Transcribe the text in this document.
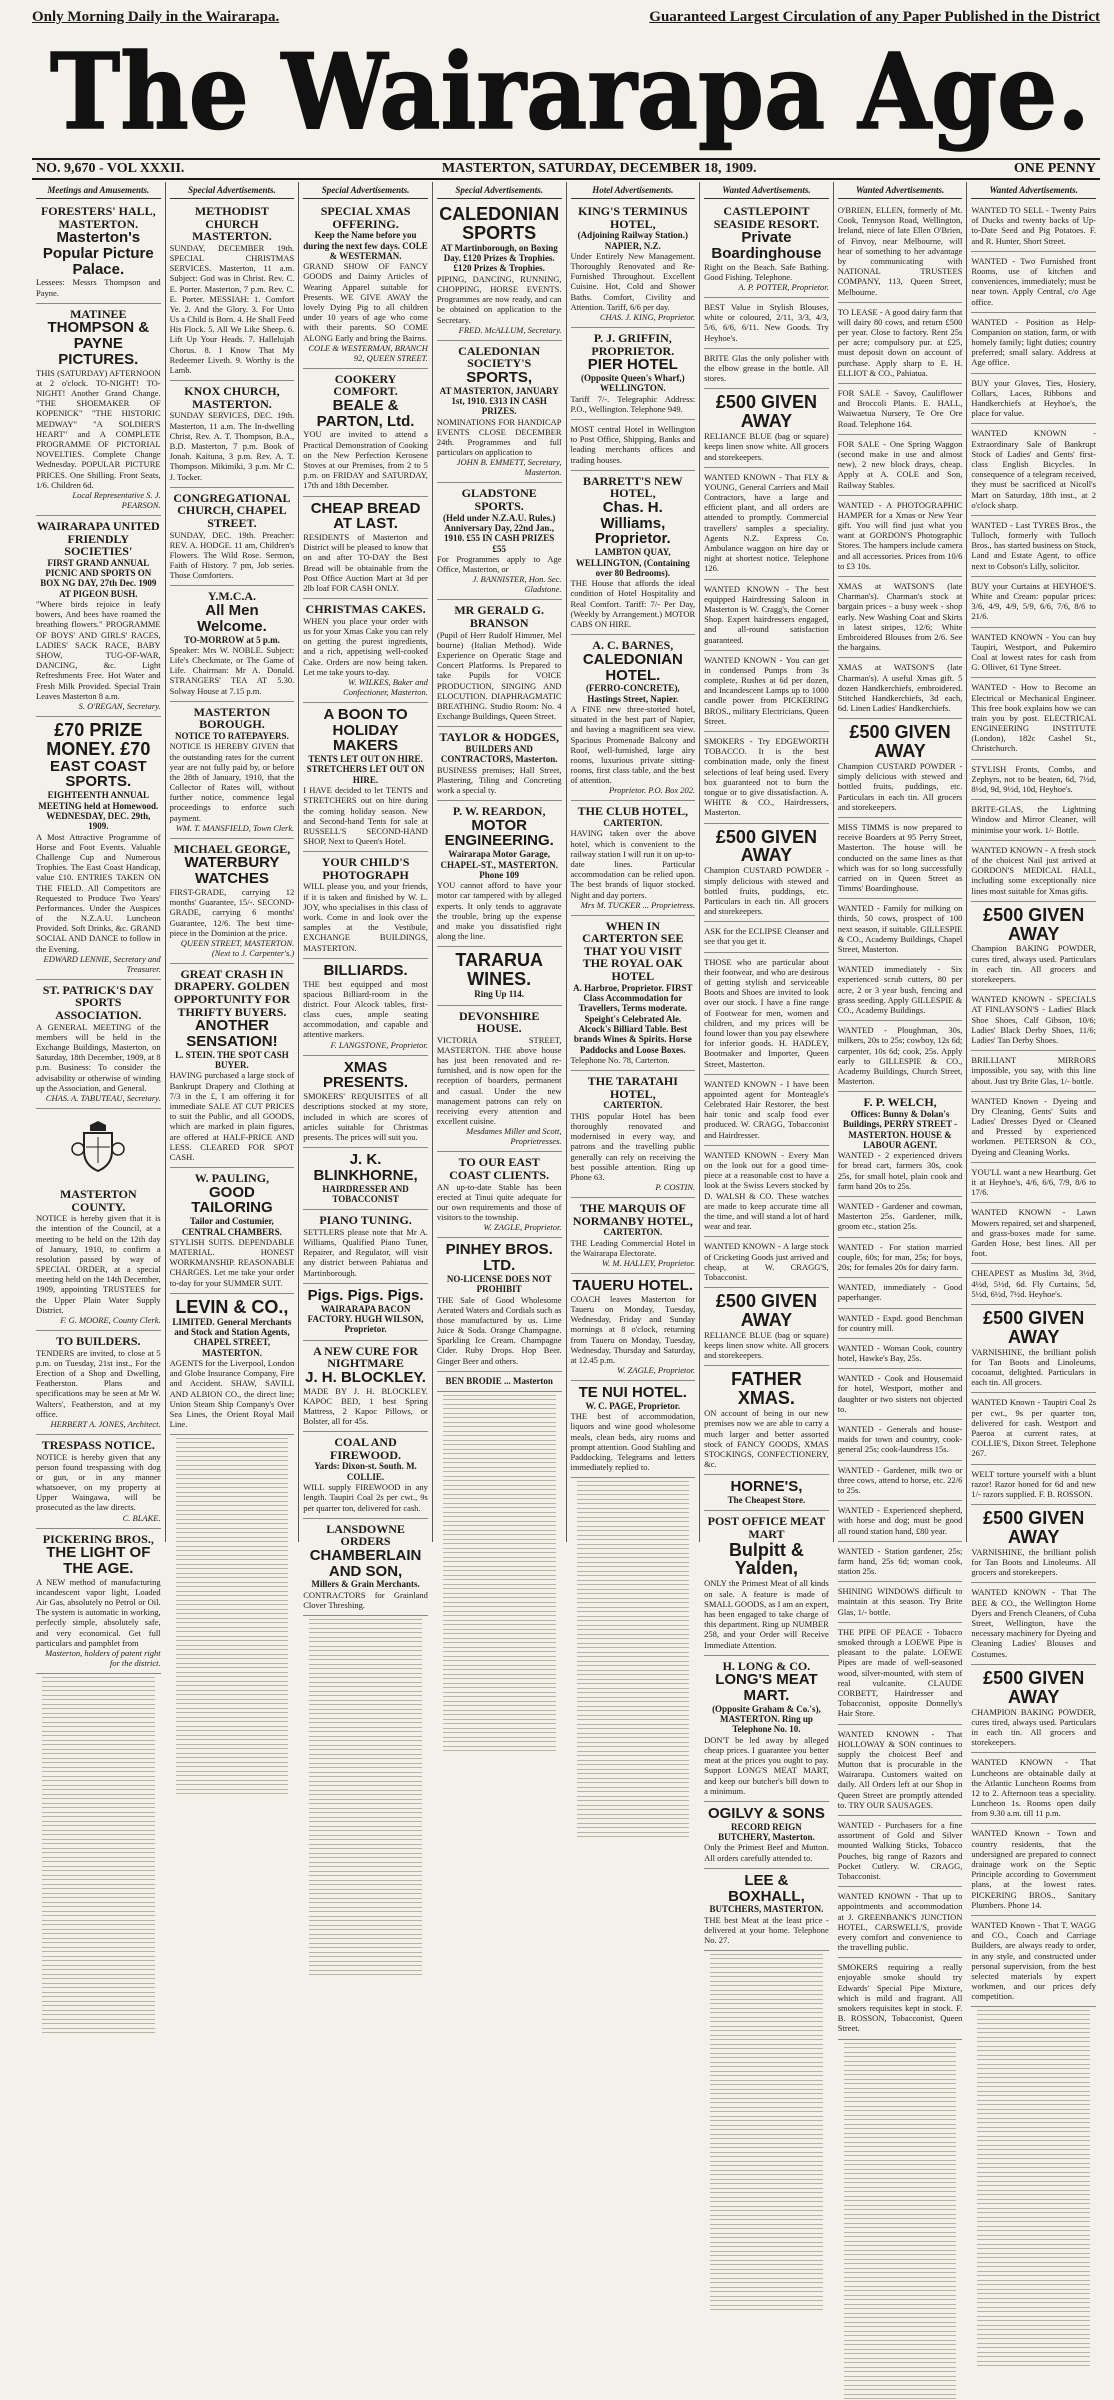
Only Morning Daily in the Wairarapa.	Guaranteed Largest Circulation of any Paper Published in the District
The Wairarapa Age.
NO. 9,670 - VOL XXXII.	MASTERTON, SATURDAY, DECEMBER 18, 1909.	ONE PENNY
Meetings and Amusements.
FORESTERS' HALL, MASTERTON.
Masterton's Popular Picture Palace.
Lessees: Messrs Thompson and Payne.
MATINEE
THOMPSON & PAYNE PICTURES.
THIS (SATURDAY) AFTERNOON at 2 o'clock. TO-NIGHT! TO-NIGHT! Another Grand Change. "THE SHOEMAKER OF KOPENICK" "THE HISTORIC MEDWAY" "A SOLDIER'S HEART" and A COMPLETE PROGRAMME OF PICTORIAL NOVELTIES. Complete Change Wednesday. POPULAR PICTURE PRICES. One Shilling. Front Seats, 1/6. Children 6d.
Local Representative S. J. PEARSON.
WAIRARAPA UNITED FRIENDLY SOCIETIES'
FIRST GRAND ANNUAL PICNIC AND SPORTS ON BOX NG DAY, 27th Dec. 1909 AT PIGEON BUSH.
"Where birds rejoice in leafy bowers, And bees have roamed the breathing flowers." PROGRAMME OF BOYS' AND GIRLS' RACES, LADIES' SACK RACE, BABY SHOW, TUG-OF-WAR, DANCING, &c. Light Refreshments Free. Hot Water and Fresh Milk Provided. Special Train Leaves Masterton 8 a.m.
S. O'REGAN, Secretary.
£70 PRIZE MONEY. £70
EAST COAST SPORTS.
EIGHTEENTH ANNUAL MEETING held at Homewood. WEDNESDAY, DEC. 29th, 1909.
A Most Attractive Programme of Horse and Foot Events. Valuable Challenge Cup and Numerous Trophies. The East Coast Handicap, value £10. ENTRIES TAKEN ON THE FIELD. All Competitors are Requested to Produce Two Years' Performances. Under the Auspices of the N.Z.A.U. Luncheon Provided. Soft Drinks, &c. GRAND SOCIAL AND DANCE to follow in the Evening.
EDWARD LENNIE, Secretary and Treasurer.
ST. PATRICK'S DAY SPORTS ASSOCIATION.
A GENERAL MEETING of the members will be held in the Exchange Buildings, Masterton, on Saturday, 18th December, 1909, at 8 p.m. Business: To consider the advisability or otherwise of winding up the Association, and General.
CHAS. A. TABUTEAU, Secretary.
MASTERTON COUNTY.
NOTICE is hereby given that it is the intention of the Council, at a meeting to be held on the 12th day of January, 1910, to confirm a resolution passed by way of SPECIAL ORDER, at a special meeting held on the 14th December, 1909, appointing TRUSTEES for the Upper Plain Water Supply District.
F. G. MOORE, County Clerk.
TO BUILDERS.
TENDERS are invited, to close at 5 p.m. on Tuesday, 21st inst., For the Erection of a Shop and Dwelling, Featherston. Plans and specifications may be seen at Mr W. Walters', Featherston, and at my office.
HERBERT A. JONES, Architect.
TRESPASS NOTICE.
NOTICE is hereby given that any person found trespassing with dog or gun, or in any manner whatsoever, on my property at Upper Waingawa, will be prosecuted as the law directs.
C. BLAKE.
PICKERING BROS.,
THE LIGHT OF THE AGE.
A NEW method of manufacturing incandescent vapor light, Loaded Air Gas, absolutely no Petrol or Oil. The system is automatic in working, perfectly simple, absolutely safe, and very economical. Get full particulars and pamphlet from
Masterton, holders of patent right for the district.
Special Advertisements.
METHODIST CHURCH MASTERTON.
SUNDAY, DECEMBER 19th. SPECIAL CHRISTMAS SERVICES. Masterton, 11 a.m. Subject: God was in Christ. Rev. C. E. Porter. Masterton, 7 p.m. Rev. C. E. Porter. MESSIAH: 1. Comfort Ye. 2. And the Glory. 3. For Unto Us a Child is Born. 4. He Shall Feed His Flock. 5. All We Like Sheep. 6. Lift Up Your Heads. 7. Hallelujah Chorus. 8. I Know That My Redeemer Liveth. 9. Worthy is the Lamb.
KNOX CHURCH, MASTERTON.
SUNDAY SERVICES, DEC. 19th. Masterton, 11 a.m. The In-dwelling Christ, Rev. A. T. Thompson, B.A., B.D. Masterton, 7 p.m. Book of Jonah. Kaituna, 3 p.m. Rev. A. T. Thompson. Mikimiki, 3 p.m. Mr C. J. Tocker.
CONGREGATIONAL CHURCH, CHAPEL STREET.
SUNDAY, DEC. 19th. Preacher: REV. A. HODGE. 11 am, Children's Flowers. The Wild Rose. Sermon, Faith of History. 7 pm, Job series. Those Comforters.
Y.M.C.A.
All Men Welcome.
TO-MORROW at 5 p.m.
Speaker: Mrs W. NOBLE. Subject: Life's Checkmate, or The Game of Life. Chairman: Mr A. Donald. STRANGERS' TEA AT 5.30. Solway House at 7.15 p.m.
MASTERTON BOROUGH.
NOTICE TO RATEPAYERS.
NOTICE IS HEREBY GIVEN that the outstanding rates for the current year are not fully paid by, or before the 28th of January, 1910, that the Collector of Rates will, without further notice, commence legal proceedings to enforce such payment.
WM. T. MANSFIELD, Town Clerk.
MICHAEL GEORGE,
WATERBURY WATCHES
FIRST-GRADE, carrying 12 months' Guarantee, 15/-. SECOND-GRADE, carrying 6 months' Guarantee, 12/6. The best time-piece in the Dominion at the price.
QUEEN STREET, MASTERTON. (Next to J. Carpenter's.)
GREAT CRASH IN DRAPERY. GOLDEN OPPORTUNITY FOR THRIFTY BUYERS.
ANOTHER SENSATION!
L. STEIN. THE SPOT CASH BUYER.
HAVING purchased a large stock of Bankrupt Drapery and Clothing at 7/3 in the £, I am offering it for immediate SALE AT CUT PRICES to suit the Public, and all GOODS, which are marked in plain figures, are offered at HALF-PRICE AND LESS. CLEARED FOR SPOT CASH.
W. PAULING,
GOOD TAILORING
Tailor and Costumier, CENTRAL CHAMBERS.
STYLISH SUITS. DEPENDABLE MATERIAL. HONEST WORKMANSHIP. REASONABLE CHARGES. Let me take your order to-day for your SUMMER SUIT.
LEVIN & CO.,
LIMITED. General Merchants and Stock and Station Agents, CHAPEL STREET, MASTERTON.
AGENTS for the Liverpool, London and Globe Insurance Company, Fire and Accident. SHAW, SAVILL AND ALBION CO., the direct line; Union Steam Ship Company's Over Sea Lines, the Orient Royal Mail Line.
Special Advertisements.
SPECIAL XMAS OFFERING.
Keep the Name before you during the next few days. COLE & WESTERMAN.
GRAND SHOW OF FANCY GOODS and Dainty Articles of Wearing Apparel suitable for Presents. WE GIVE AWAY the lovely Dying Pig to all children under 10 years of age who come with their parents. SO COME ALONG Early and bring the Bairns.
COLE & WESTERMAN, BRANCH 92, QUEEN STREET.
COOKERY COMFORT.
BEALE & PARTON, Ltd.
YOU are invited to attend a Practical Demonstration of Cooking on the New Perfection Kerosene Stoves at our Premises, from 2 to 5 p.m. on FRIDAY and SATURDAY, 17th and 18th December.
CHEAP BREAD AT LAST.
RESIDENTS of Masterton and District will be pleased to know that on and after TO-DAY the Best Bread will be obtainable from the Post Office Auction Mart at 3d per 2lb loaf FOR CASH ONLY.
CHRISTMAS CAKES.
WHEN you place your order with us for your Xmas Cake you can rely on getting the purest ingredients, and a rich, appetising well-cooked Cake. Orders are now being taken. Let me take yours to-day.
W. WILKES, Baker and Confectioner, Masterton.
A BOON TO HOLIDAY MAKERS
TENTS LET OUT ON HIRE. STRETCHERS LET OUT ON HIRE.
I HAVE decided to let TENTS and STRETCHERS out on hire during the coming holiday season. New and Second-hand Tents for sale at RUSSELL'S SECOND-HAND SHOP, Next to Queen's Hotel.
YOUR CHILD'S PHOTOGRAPH
WILL please you, and your friends, if it is taken and finished by W. L. JOY, who specialises in this class of work. Come in and look over the samples at the Vestibule, EXCHANGE BUILDINGS, MASTERTON.
BILLIARDS.
THE best equipped and most spacious Billiard-room in the district. Four Alcock tables, first-class cues, ample seating accommodation, and capable and attentive markers.
F. LANGSTONE, Proprietor.
XMAS PRESENTS.
SMOKERS' REQUISITES of all descriptions stocked at my store, included in which are scores of articles suitable for Christmas presents. The prices will suit you.
J. K. BLINKHORNE,
HAIRDRESSER AND TOBACCONIST
PIANO TUNING.
SETTLERS please note that Mr A. Williams, Qualified Piano Tuner, Repairer, and Regulator, will visit any district between Pahiatua and Martinborough.
Pigs. Pigs. Pigs.
WAIRARAPA BACON FACTORY. HUGH WILSON, Proprietor.
A NEW CURE FOR NIGHTMARE
J. H. BLOCKLEY.
MADE BY J. H. BLOCKLEY. KAPOC BED, 1 best Spring Mattress, 2 Kapoc Pillows, or Bolster, all for 45s.
COAL AND FIREWOOD.
Yards: Dixon-st. South. M. COLLIE.
WILL supply FIREWOOD in any length. Taupiri Coal 2s per cwt., 9s per quarter ton, delivered for cash.
LANSDOWNE ORDERS
CHAMBERLAIN AND SON,
Millers & Grain Merchants.
CONTRACTORS for Grainland Clover Threshing.
Special Advertisements.
CALEDONIAN SPORTS
AT Martinborough, on Boxing Day. £120 Prizes & Trophies. £120 Prizes & Trophies.
PIPING, DANCING, RUNNING, CHOPPING, HORSE EVENTS. Programmes are now ready, and can be obtained on application to the Secretary.
FRED. McALLUM, Secretary.
CALEDONIAN SOCIETY'S
SPORTS,
AT MASTERTON, JANUARY 1st, 1910. £313 IN CASH PRIZES.
NOMINATIONS FOR HANDICAP EVENTS CLOSE DECEMBER 24th. Programmes and full particulars on application to
JOHN B. EMMETT, Secretary, Masterton.
GLADSTONE SPORTS.
(Held under N.Z.A.U. Rules.) Anniversary Day, 22nd Jan., 1910. £55 IN CASH PRIZES £55
For Programmes apply to Age Office, Masterton, or
J. BANNISTER, Hon. Sec. Gladstone.
MR GERALD G. BRANSON
(Pupil of Herr Rudolf Himmer, Mel bourne) (Italian Method). Wide Experience on Operatic Stage and Concert Platforms. Is Prepared to take Pupils for VOICE PRODUCTION, SINGING AND ELOCUTION. DIAPHRAGMATIC BREATHING. Studio Room: No. 4 Exchange Buildings, Queen Street.
TAYLOR & HODGES,
BUILDERS AND CONTRACTORS, Masterton.
BUSINESS premises; Hall Street, Plastering, Tiling and Concreting work a special ty.
P. W. REARDON,
MOTOR ENGINEERING.
Wairarapa Motor Garage, CHAPEL-ST., MASTERTON. Phone 109
YOU cannot afford to have your motor car tampered with by alleged experts. It only tends to aggravate the trouble, bring up the expense and make you dissatisfied right along the line.
TARARUA WINES.
Ring Up 114.
DEVONSHIRE HOUSE.
VICTORIA STREET, MASTERTON. THE above house has just been renovated and re-furnished, and is now open for the reception of boarders, permanent and casual. Under the new management patrons can rely on receiving every attention and excellent cuisine.
Mesdames Miller and Scott, Proprietresses.
TO OUR EAST COAST CLIENTS.
AN up-to-date Stable has been erected at Tinui quite adequate for our own requirements and those of visitors to the township.
W. ZAGLE, Proprietor.
PINHEY BROS. LTD.
NO-LICENSE DOES NOT PROHIBIT
THE Sale of Good Wholesome Aerated Waters and Cordials such as those manufactured by us. Lime Juice & Soda. Orange Champagne. Sparkling Ice Cream. Champagne Cider. Ruby Drops. Hop Beer. Ginger Beer and others.
BEN BRODIE ... Masterton
Hotel Advertisements.
KING'S TERMINUS HOTEL,
(Adjoining Railway Station.) NAPIER, N.Z.
Under Entirely New Management. Thoroughly Renovated and Re-Furnished Throughout. Excellent Cuisine. Hot, Cold and Shower Baths. Comfort, Civility and Attention. Tariff, 6/6 per day.
CHAS. J. KING, Proprietor.
P. J. GRIFFIN, PROPRIETOR.
PIER HOTEL
(Opposite Queen's Wharf,) WELLINGTON.
Tariff 7/-. Telegraphic Address: P.O., Wellington. Telephone 949.
MOST central Hotel in Wellington to Post Office, Shipping, Banks and leading merchants offices and trading houses.
BARRETT'S NEW HOTEL,
Chas. H. Williams, Proprietor.
LAMBTON QUAY, WELLINGTON, (Containing over 80 Bedrooms).
THE House that affords the ideal condition of Hotel Hospitality and Real Comfort. Tariff: 7/- Per Day, (Weekly by Arrangement.) MOTOR CABS ON HIRE.
A. C. BARNES,
CALEDONIAN HOTEL.
(FERRO-CONCRETE), Hastings Street, Napier.
A FINE new three-storied hotel, situated in the best part of Napier, and having a magnificent sea view. Spacious Promenade Balcony and Roof, well-furnished, large airy rooms, luxurious private sitting-rooms, first class table, and the best of attention.
Proprietor. P.O. Box 202.
THE CLUB HOTEL,
CARTERTON.
HAVING taken over the above hotel, which is convenient to the railway station I will run it on up-to-date lines. Particular accommodation can be relied upon. The best brands of liquor stocked. Night and day porters.
Mrs M. TUCKER ... Proprietress.
WHEN IN CARTERTON SEE THAT YOU VISIT THE ROYAL OAK HOTEL
A. Harbroe, Proprietor. FIRST Class Accommodation for Travellers, Terms moderate. Speight's Celebrated Ale. Alcock's Billiard Table. Best brands Wines & Spirits. Horse Paddocks and Loose Boxes.
Telephone No. 78, Carterton.
THE TARATAHI HOTEL,
CARTERTON.
THIS popular Hotel has been thoroughly renovated and modernised in every way, and patrons and the travelling public generally can rely on receiving the best possible attention. Ring up Phone 63.
P. COSTIN.
THE MARQUIS OF NORMANBY HOTEL,
CARTERTON.
THE Leading Commercial Hotel in the Wairarapa Electorate.
W. M. HALLEY, Proprietor.
TAUERU HOTEL.
COACH leaves Masterton for Taueru on Monday, Tuesday, Wednesday, Friday and Sunday mornings at 8 o'clock, returning from Taueru on Monday, Tuesday, Wednesday, Thursday and Saturday, at 12.45 p.m.
W. ZAGLE, Proprietor.
TE NUI HOTEL.
W. C. PAGE, Proprietor.
THE best of accommodation, liquors and wine good wholesome meals, clean beds, airy rooms and prompt attention. Good Stabling and Paddocking. Telegrams and letters immediately replied to.
Wanted Advertisements.
CASTLEPOINT SEASIDE RESORT.
Private Boardinghouse
Right on the Beach. Safe Bathing. Good Fishing. Telephone.
A. P. POTTER, Proprietor.
BEST Value in Stylish Blouses, white or coloured, 2/11, 3/3, 4/3, 5/6, 6/6, 6/11. New Goods. Try Heyhoe's.
BRITE Glas the only polisher with the elbow grease in the bottle. All stores.
£500 GIVEN AWAY
RELIANCE BLUE (bag or square) keeps linen snow white. All grocers and storekeepers.
WANTED KNOWN - That FLY & YOUNG, General Carriers and Mail Contractors, have a large and efficient plant, and all orders are attended to promptly. Commercial travellers' samples a speciality. Agents N.Z. Express Co. Ambulance waggon on hire day or night at shortest notice. Telephone 126.
WANTED KNOWN - The best equipped Hairdressing Saloon in Masterton is W. Cragg's, the Corner Shop. Expert hairdressers engaged, and all-round satisfaction guaranteed.
WANTED KNOWN - You can get in condensed Pumps from 3s complete, Rushes at 6d per dozen, and Incandescent Lamps up to 1000 candle power from PICKERING BROS., military Electricians, Queen Street.
SMOKERS - Try EDGEWORTH TOBACCO. It is the best combination made, only the finest selections of leaf being used. Every box guaranteed not to burn the tongue or to give dissatisfaction. A. WHITE & CO., Hairdressers, Masterton.
£500 GIVEN AWAY
Champion CUSTARD POWDER - simply delicious with stewed and bottled fruits, puddings, etc. Particulars in each tin. All grocers and storekeepers.
ASK for the ECLIPSE Cleanser and see that you get it.
THOSE who are particular about their footwear, and who are desirous of getting stylish and serviceable Boots and Shoes are invited to look over our stock. I have a fine range of Footwear for men, women and children, and my prices will be found lower than you pay elsewhere for inferior goods. H. HADLEY, Bootmaker and Importer, Queen Street, Masterton.
WANTED KNOWN - I have been appointed agent for Monteagle's Celebrated Hair Restorer, the best hair tonic and scalp food ever produced. W. CRAGG, Tobacconist and Hairdresser.
WANTED KNOWN - Every Man on the look out for a good time-piece at a reasonable cost to have a look at the Swiss Levers stocked by D. WALSH & CO. These watches are made to keep accurate time all the time, and will stand a lot of hard wear and tear.
WANTED KNOWN - A large stock of Cricketing Goods just arrived and cheap, at W. CRAGG'S, Tobacconist.
£500 GIVEN AWAY
RELIANCE BLUE (bag or square) keeps linen snow white. All grocers and storekeepers.
FATHER XMAS.
ON account of being in our new premises now we are able to carry a much larger and better assorted stock of FANCY GOODS, XMAS STOCKINGS, CONFECTIONERY, &c.
HORNE'S,
The Cheapest Store.
POST OFFICE MEAT MART
Bulpitt & Yalden,
ONLY the Primest Meat of all kinds on sale. A feature is made of SMALL GOODS, as I am an expert, has been engaged to take charge of this department. Ring up NUMBER 258, and your Order will Receive Immediate Attention.
H. LONG & CO.
LONG'S MEAT MART.
(Opposite Graham & Co.'s), MASTERTON. Ring up Telephone No. 10.
DON'T be led away by alleged cheap prices. I guarantee you better meat at the prices you ought to pay. Support LONG'S MEAT MART, and keep our butcher's bill down to a minimum.
OGILVY & SONS
RECORD REIGN BUTCHERY, Masterton.
Only the Primest Beef and Mutton. All orders carefully attended to.
LEE & BOXHALL,
BUTCHERS, MASTERTON.
THE best Meat at the least price - delivered at your home. Telephone No. 27.
Wanted Advertisements.
O'BRIEN, ELLEN, formerly of Mt. Cook, Tennyson Road, Wellington, Ireland, niece of late Ellen O'Brien, of Finvoy, near Melbourne, will hear of something to her advantage by communicating with NATIONAL TRUSTEES COMPANY, 113, Queen Street, Melbourne.
TO LEASE - A good dairy farm that will dairy 80 cows, and return £500 per year. Close to factory. Rent 25s per acre; compulsory pur. at £25, must deposit down on account of purchase. Apply sharp to E. H. ELLIOT & CO., Pahiatua.
FOR SALE - Savoy, Cauliflower and Broccoli Plants. E. HALL, Waiwaetua Nursery, Te Ore Ore Road. Telephone 164.
FOR SALE - One Spring Waggon (second make in use and almost new), 2 new block drays, cheap. Apply at A. COLE and Son, Railway Stables.
WANTED - A PHOTOGRAPHIC HAMPER for a Xmas or New Year gift. You will find just what you want at GORDON'S Photographic Stores. The hampers include camera and all accessories. Prices from 10/6 to £3 10s.
XMAS at WATSON'S (late Charman's). Charman's stock at bargain prices - a busy week - shop early. New Washing Coat and Skirts in latest stripes, 12/6; White Embroidered Blouses from 2/6. See the bargains.
XMAS at WATSON'S (late Charman's). A useful Xmas gift. 5 dozen Handkerchiefs, embroidered. Stitched Handkerchiefs, 3d each, 6d. Linen Ladies' Handkerchiefs.
£500 GIVEN AWAY
Champion CUSTARD POWDER - simply delicious with stewed and bottled fruits, puddings, etc. Particulars in each tin. All grocers and storekeepers.
MISS TIMMS is now prepared to receive Boarders at 95 Perry Street, Masterton. The house will be conducted on the same lines as that which was for so long successfully carried on in Queen Street as Timms' Boardinghouse.
WANTED - Family for milking on thirds, 50 cows, prospect of 100 next season, if suitable. GILLESPIE & CO., Academy Buildings, Chapel Street, Masterton.
WANTED immediately - Six experienced scrub cutters, 80 per acre, 2 or 3 year bush, fencing and grass seeding. Apply GILLESPIE & CO., Academy Buildings.
WANTED - Ploughman, 30s, milkers, 20s to 25s; cowboy, 12s 6d; carpenter, 10s 6d; cook, 25s. Apply early to GILLESPIE & CO., Academy Buildings, Church Street, Masterton.
F. P. WELCH,
Offices: Bunny & Dolan's Buildings, PERRY STREET - MASTERTON. HOUSE & LABOUR AGENT.
WANTED - 2 experienced drivers for bread cart, farmers 30s, cook 25s, for small hotel, plain cook and farm hand 20s to 25s.
WANTED - Gardener and cowman, Masterton 25s. Gardener, milk, groom etc., station 25s.
WANTED - For station married couple, 60s; for man, 25s; for boys, 20s; for females 20s for dairy farm.
WANTED, immediately - Good paperhanger.
WANTED - Expd. good Benchman for country mill.
WANTED - Woman Cook, country hotel, Hawke's Bay, 25s.
WANTED - Cook and Housemaid for hotel, Westport, mother and daughter or two sisters not objected to.
WANTED - Generals and house-maids for town and country, cook-general 25s; cook-laundress 15s.
WANTED - Gardener, milk two or three cows, attend to horse, etc. 22/6 to 25s.
WANTED - Experienced shepherd, with horse and dog; must be good all round station hand, £80 year.
WANTED - Station gardener, 25s; farm hand, 25s 6d; woman cook, station 25s.
SHINING WINDOWS difficult to maintain at this season. Try Brite Glas, 1/- bottle.
THE PIPE OF PEACE - Tobacco smoked through a LOEWE Pipe is pleasant to the palate. LOEWE Pipes are made of well-seasoned wood, silver-mounted, with stem of real vulcanite. CLAUDE CORBETT, Hairdresser and Tobacconist, opposite Donnelly's Hair Store.
WANTED KNOWN - That HOLLOWAY & SON continues to supply the choicest Beef and Mutton that is procurable in the Wairarapa. Customers waited on daily. All Orders left at our Shop in Queen Street are promptly attended to. TRY OUR SAUSAGES.
WANTED - Purchasers for a fine assortment of Gold and Silver mounted Walking Sticks, Tobacco Pouches, big range of Razors and Pocket Cutlery. W. CRAGG, Tobacconist.
WANTED KNOWN - That up to appointments and accommodation at J. GREENBANK'S JUNCTION HOTEL, CARSWELL'S, provide every comfort and convenience to the travelling public.
SMOKERS requiring a really enjoyable smoke should try Edwards' Special Pipe Mixture, which is mild and fragrant. All smokers requisites kept in stock. F. B. ROSSON, Tobacconist, Queen Street.
Wanted Advertisements.
WANTED TO SELL - Twenty Pairs of Ducks and twenty backs of Up-to-Date Seed and Pig Potatoes. F. and R. Hunter, Short Street.
WANTED - Two Furnished front Rooms, use of kitchen and conveniences, immediately; must be near town. Apply Central, c/o Age office.
WANTED - Position as Help-Companion on station, farm, or with homely family; light duties; country preferred; small salary. Address at Age office.
BUY your Gloves, Ties, Hosiery, Collars, Laces, Ribbons and Handkerchiefs at Heyhoe's, the place for value.
WANTED KNOWN - Extraordinary Sale of Bankrupt Stock of Ladies' and Gents' first-class English Bicycles. In consequence of a telegram received, they must be sacrificed at Nicoll's Mart on Saturday, 18th inst., at 2 o'clock sharp.
WANTED - Last TYRES Bros., the Tulloch, formerly with Tulloch Bros., has started business on Stock, Land and Estate Agent, to office next to Cobson's Lilly, solicitor.
BUY your Curtains at HEYHOE'S. White and Cream: popular prices: 3/6, 4/9, 4/9, 5/9, 6/6, 7/6, 8/6 to 21/6.
WANTED KNOWN - You can buy Taupiri, Westport, and Pukemiro Coal at lowest rates for cash from G. Olliver, 61 Tyne Street.
WANTED - How to Become an Electrical or Mechanical Engineer. This free book explains how we can train you by post. ELECTRICAL ENGINEERING INSTITUTE (London), 182c Cashel St., Christchurch.
STYLISH Fronts, Combs, and Zephyrs, not to be beaten, 6d, 7½d, 8½d, 9d, 9½d, 10d, Heyhoe's.
BRITE-GLAS, the Lightning Window and Mirror Cleaner, will minimise your work. 1/- Bottle.
WANTED KNOWN - A fresh stock of the choicest Nail just arrived at GORDON'S MEDICAL HALL, including some exceptionally nice lines most suitable for Xmas gifts.
£500 GIVEN AWAY
Champion BAKING POWDER, cures tired, always used. Particulars in each tin. All grocers and storekeepers.
WANTED KNOWN - SPECIALS AT FINLAYSON'S - Ladies' Black Shoe Shoes, Calf Gibson, 10/6; Ladies' Black Derby Shoes, 11/6; Ladies' Tan Derby Shoes.
BRILLIANT MIRRORS impossible, you say, with this line about. Just try Brite Glas, 1/- bottle.
WANTED Known - Dyeing and Dry Cleaning, Gents' Suits and Ladies' Dresses Dyed or Cleaned and Pressed by experienced workmen. PETERSON & CO., Dyeing and Cleaning Works.
YOU'LL want a new Heartburg. Get it at Heyhoe's, 4/6, 6/6, 7/9, 8/6 to 17/6.
WANTED KNOWN - Lawn Mowers repaired, set and sharpened, and grass-boxes made for same. Garden Hose, best lines. All per foot.
CHEAPEST as Muslins 3d, 3½d, 4½d, 5½d, 6d. Fly Curtains, 5d, 5½d, 6½d, 7½d. Heyhoe's.
£500 GIVEN AWAY
VARNISHINE, the brilliant polish for Tan Boots and Linoleums, cocoanut, delighted. Particulars in each tin. All grocers.
WANTED Known - Taupiri Coal 2s per cwt., 9s per quarter ton, delivered for cash. Westport and Paeroa at current rates, at COLLIE'S, Dixon Street. Telephone 267.
WELT torture yourself with a blunt razor! Razor honed for 6d and new 1/- razors supplied. F. B. ROSSON.
£500 GIVEN AWAY
VARNISHINE, the brilliant polish for Tan Boots and Linoleums. All grocers and storekeepers.
WANTED KNOWN - That The BEE & CO., the Wellington Home Dyers and French Cleaners, of Cuba Street, Wellington, have the necessary machinery for Dyeing and Cleaning Ladies' Blouses and Costumes.
£500 GIVEN AWAY
CHAMPION BAKING POWDER, cures tired, always used. Particulars in each tin. All grocers and storekeepers.
WANTED KNOWN - That Luncheons are obtainable daily at the Atlantic Luncheon Rooms from 12 to 2. Afternoon teas a speciality. Luncheon 1s. Rooms open daily from 9.30 a.m. till 11 p.m.
WANTED Known - Town and country residents, that the undersigned are prepared to connect drainage work on the Septic Principle according to Government plans, at the lowest rates. PICKERING BROS., Sanitary Plumbers. Phone 14.
WANTED Known - That T. WAGG and CO., Coach and Carriage Builders, are always ready to order, in any style, and constructed under personal supervision, from the best selected materials by expert workmen, and our prices defy competition.
